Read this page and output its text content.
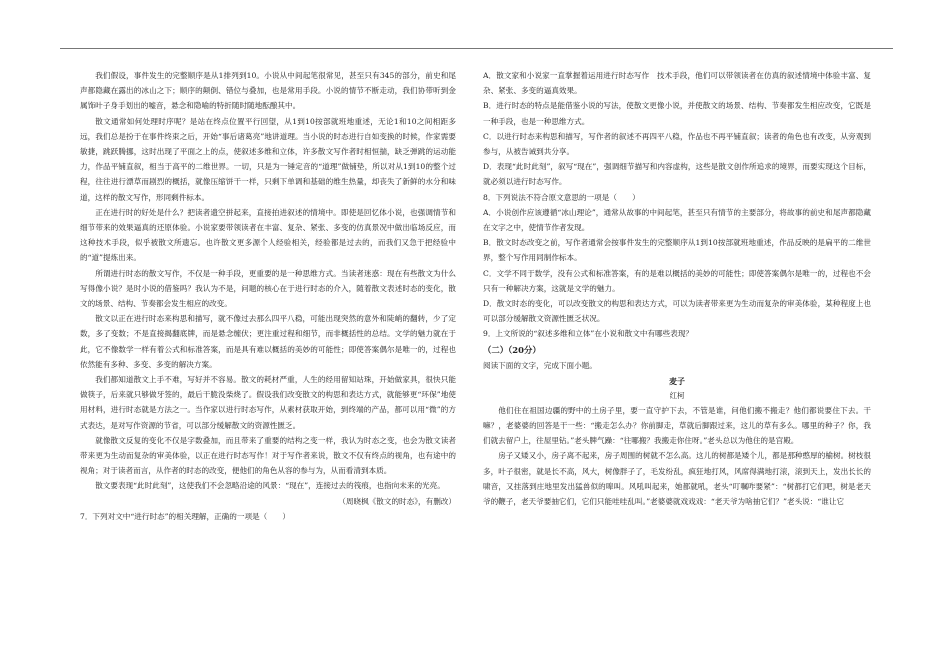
我们假设，事件发生的完整顺序是从1排列到10。小说从中间起笔很常见，甚至只有345的部分，前史和尾声都隐藏在露出的冰山之下；顺序的颠倒、错位与叠加，也是常用手段。小说的情节不断走动，我们协带听到金属饰叶子身手划出的嘘音，悬念和隐喻的特折随时随地酝酿其中。

散文通常如何处理时序呢？是站在终点位置平行回望，从1到10按部就班地重述，无论1和10之间相距多远，我们总是扮于在事件终束之后，开始“事后诸葛亮”地讲道理。当小说的时态进行自如变换的时候，作家需要敏捷，跳跃腾挪，这时出现了平面之上的点，使叙述多维和立体，许多散文写作者时相恒揣，缺乏弹跳的运动能力，作品平铺直叙，相当于高平的二维世界。一切，只是为一锤定音的“道理”做铺垫，所以对从1到10的整个过程，往往进行漂草而剧烈的概括，就像压缩饼干一样，只剩下单调和基础的维生热量，却丧失了新鲜的水分和味道，这样的散文写作，形同剩件标本。

正在进行时的好处是什么？把读者遗空拼起来，直接拍进叙述的情境中。即使是回忆体小说，也强调情节和细节带来的效果逼真的还原体验。小说家要带领读者在丰富、复杂、紧张、多变的仿真景况中做出临场反应，而这种技术手段，似乎被散文所遗忘。也许散文更多源个人经验相关，经验都是过去的，而我们又急于把经验中的“道”提炼出来。

所谓进行时态的散文写作，不仅是一种手段，更重要的是一种思维方式。当读者迷惑：现在有些散文为什么写得像小说？是时小说的借鉴吗？我认为不是，问题的核心在于进行时态的介入，随着散文表述时态的变化，散文的场景、结构、节奏都会发生相应的改变。

散文以正在进行时态来构思和描写，就不像过去那么四平八稳，可能出现突然的意外和陡峭的翻转，少了定数，多了变数；不是直接揭翻底牌，而是悬念缠伏；更注重过程和细节，而非概括性的总结。文学的魅力就在于此，它不像数学一样有着公式和标准答案，而是具有难以概括的美妙的可能性；即使答案偶尔是唯一的，过程也依然能有多种、多变、多变的解决方案。

我们都知道散文上手不难，写好并不容易。散文的耗材严重，人生的经用留知站珠，开始做家具，很快只能做筷子，后来就只够做牙签的，最后干脆没柴烧了。假设我们改变散文的构思和表达方式，就能够更“环保”地使用材料，进行时态就是方法之一。当作家以进行时态写作，从素材获取开始，到终端的产品，都可以用“微”的方式表达，是对写作资源的节省，可以部分缓解散文的资源性匮乏。

就像散文反复的变化不仅是字数叠加，而且带来了重要的结构之变一样，我认为时态之变，也会为散文读者带来更为生动而复杂的审美体验，以正在进行时态写作！对于写作者来说，散文不仅有终点的视角，也有途中的视角；对于读者而言，从作者的时态的改变，便他们的角色从容的参与为，从而看清到本质。

散文要表现“此时此刻”，这使我们不会忽略沿途的风景：“现在”，连接过去的筏痕，也指向未来的光亮。

（周晓枫《散文的时态》，有删改）

7．下列对文中“进行时态”的相关理解，正确的一项是（　　）

A．散文家和小说家一直掌握着运用进行时态写作　技术手段，他们可以带领读者在仿真的叙述情境中体验丰富、复杂、紧张、多变的逼真效果。

B．进行时态的特点是能借鉴小说的写法，使散文更像小说，并使散文的场景、结构、节奏都发生相应改变，它既是一种手段，也是一种思维方式。

C．以进行时态来构思和描写，写作者的叙述不再四平八稳，作品也不再平铺直叙；读者的角色也有改变，从旁观到参与，从被告诫到共分享。

D．表现“此时此刻”，叙写“现在”，强调细节描写和内容虚构，这些是散文创作所追求的境界，而要实现这个目标，就必须以进行时态写作。

8．下列说法不符合原文意思的一项是（　　）

A．小说创作应该遵循“冰山理论”，通常从故事的中间起笔，甚至只有情节的主要部分，将故事的前史和尾声都隐藏在文字之中，使情节作者发现。

B．散文时态改变之前，写作者通常会按事件发生的完整顺序从1到10按部就班地重述，作品反映的是扁平的二维世界，整个写作用同制作标本。

C．文学不同于数学，没有公式和标准答案，有的是难以概括的美妙的可能性；即使答案偶尔是唯一的，过程也不会只有一种解决方案，这就是文学的魅力。

D．散文时态的变化，可以改变散文的构思和表达方式，可以为读者带来更为生动而复杂的审美体验，某种程度上也可以部分缓解散文资源性匮乏状况。

9．上文所说的“叙述多维和立体”在小说和散文中有哪些表现？

（二）（20分）

阅读下面的文字，完成下面小题。

麦子

红柯

他们住在祖国边疆的野中的土房子里，要一直守护下去，不管是谁，问他们搬不搬走？他们都说要住下去。干嘛？，老婆婆的回答是干一些：“搬走怎么办？你前脚走，草就后脚跟过来，这儿的草有多么。哪里的种子？你，我们就去留户上，往屋里钻。”老头脾气躁：“往哪搬？我搬走你住呀。”老头总以为他住的是宫殿。

房子又矮又小，房子离不起来，房子周围的树就不怎么高。这儿的树都是矮个儿，都是那种憨厚的榆树。树枝很多，叶子很密，就是长不高，风大，树像胖子了，毛发纷乱，疯狂地打风，风席得满地打滚，滚到天上，发出长长的啸音，又挂落到庄地里发出猛兽似的嗥叫。风吼叫起来，她都就吼，老头“叮嘱咋要紧”：“树都打它们吧，树是老天爷的鞭子，老天爷要抽它们，它们只能哇哇乱叫。”老婆婆就戏戏戏：“老天爷为啥抽它们？”老头说：“谁让它
